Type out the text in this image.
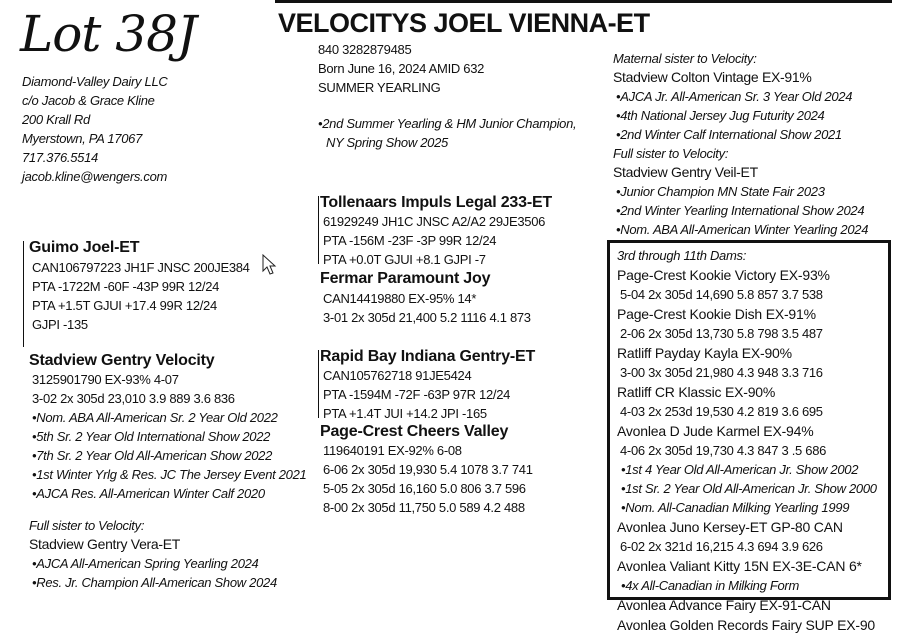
Lot 38J	VELOCITYS JOEL VIENNA-ET
Diamond-Valley Dairy LLC
c/o Jacob & Grace Kline
200 Krall Rd
Myerstown, PA 17067
717.376.5514
jacob.kline@wengers.com
840 3282879485
Born June 16, 2024 AMID 632
SUMMER YEARLING
•2nd Summer Yearling & HM Junior Champion,
NY Spring Show 2025
Guimo Joel-ET
CAN106797223 JH1F JNSC 200JE384
PTA -1722M -60F -43P 99R 12/24
PTA +1.5T GJUI +17.4 99R 12/24
GJPI -135
Stadview Gentry Velocity
3125901790 EX-93% 4-07
3-02 2x 305d 23,010 3.9 889 3.6 836
•Nom. ABA All-American Sr. 2 Year Old 2022
•5th Sr. 2 Year Old International Show 2022
•7th Sr. 2 Year Old All-American Show 2022
•1st Winter Yrlg & Res. JC The Jersey Event 2021
•AJCA Res. All-American Winter Calf 2020
Full sister to Velocity:
Stadview Gentry Vera-ET
•AJCA All-American Spring Yearling 2024
•Res. Jr. Champion All-American Show 2024
Tollenaars Impuls Legal 233-ET
61929249 JH1C JNSC A2/A2 29JE3506
PTA -156M -23F -3P 99R 12/24
PTA +0.0T GJUI +8.1 GJPI -7
Fermar Paramount Joy
CAN14419880 EX-95% 14*
3-01 2x 305d 21,400 5.2 1116 4.1 873
Rapid Bay Indiana Gentry-ET
CAN105762718 91JE5424
PTA -1594M -72F -63P 97R 12/24
PTA +1.4T JUI +14.2 JPI -165
Page-Crest Cheers Valley
119640191 EX-92% 6-08
6-06 2x 305d 19,930 5.4 1078 3.7 741
5-05 2x 305d 16,160 5.0 806 3.7 596
8-00 2x 305d 11,750 5.0 589 4.2 488
Maternal sister to Velocity:
Stadview Colton Vintage EX-91%
•AJCA Jr. All-American Sr. 3 Year Old 2024
•4th National Jersey Jug Futurity 2024
•2nd Winter Calf International Show 2021
Full sister to Velocity:
Stadview Gentry Veil-ET
•Junior Champion MN State Fair 2023
•2nd Winter Yearling International Show 2024
•Nom. ABA All-American Winter Yearling 2024
3rd through 11th Dams:
Page-Crest Kookie Victory EX-93%
5-04 2x 305d 14,690 5.8 857 3.7 538
Page-Crest Kookie Dish EX-91%
2-06 2x 305d 13,730 5.8 798 3.5 487
Ratliff Payday Kayla EX-90%
3-00 3x 305d 21,980 4.3 948 3.3 716
Ratliff CR Klassic EX-90%
4-03 2x 253d 19,530 4.2 819 3.6 695
Avonlea D Jude Karmel EX-94%
4-06 2x 305d 19,730 4.3 847 3 .5 686
•1st 4 Year Old All-American Jr. Show 2002
•1st Sr. 2 Year Old All-American Jr. Show 2000
•Nom. All-Canadian Milking Yearling 1999
Avonlea Juno Kersey-ET GP-80 CAN
6-02 2x 321d 16,215 4.3 694 3.9 626
Avonlea Valiant Kitty 15N EX-3E-CAN 6*
•4x All-Canadian in Milking Form
Avonlea Advance Fairy EX-91-CAN
Avonlea Golden Records Fairy SUP EX-90
